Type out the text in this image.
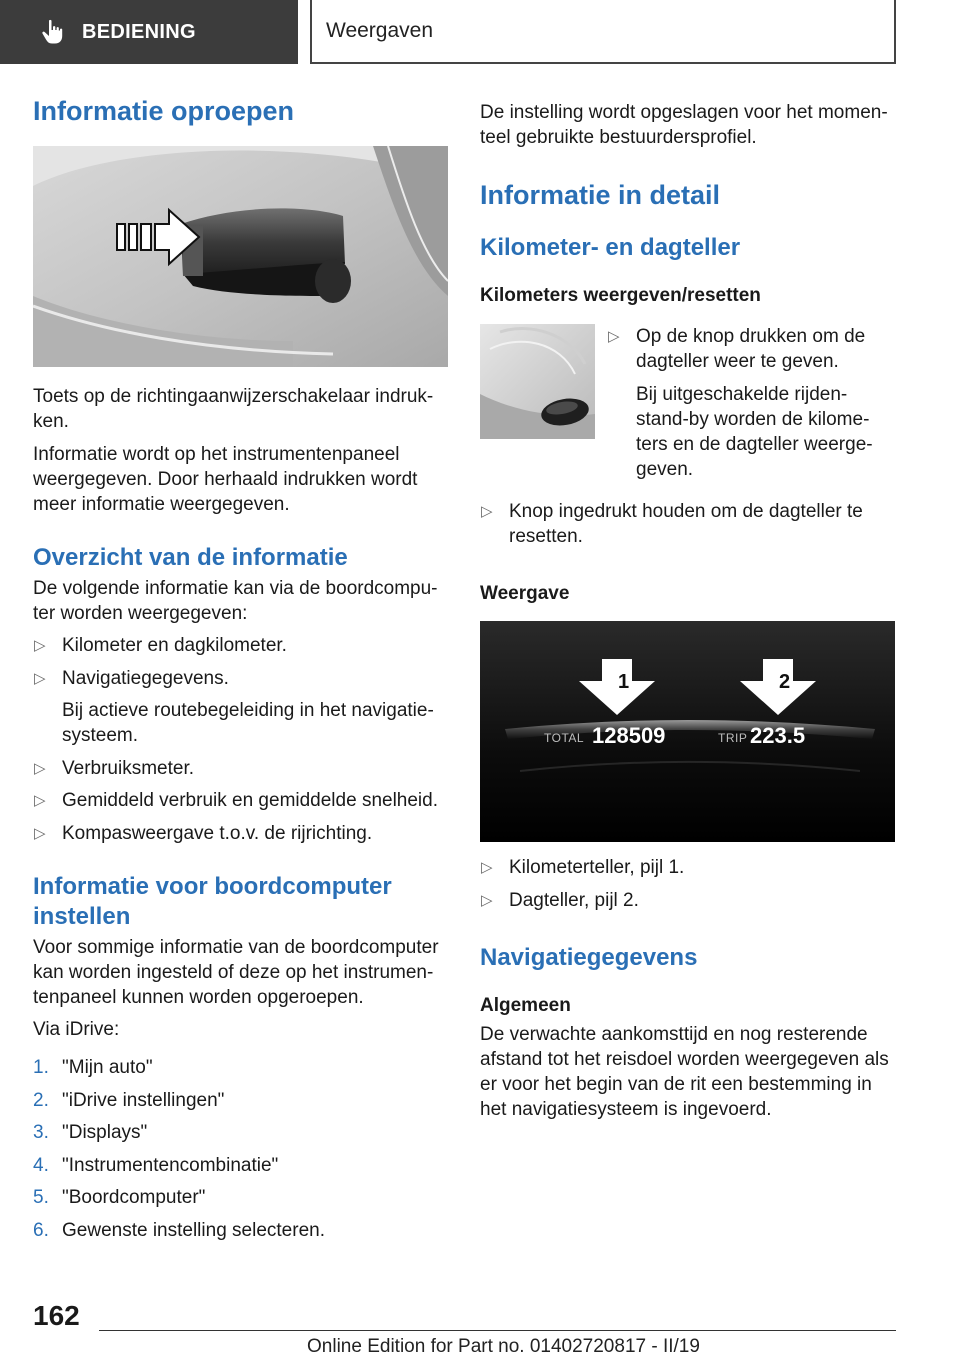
BEDIENING	Weergaven
Informatie oproepen

Toets op de richtingaanwijzerschakelaar indruk-ken.

Informatie wordt op het instrumentenpaneel weergegeven. Door herhaald indrukken wordt meer informatie weergegeven.

Overzicht van de informatie

De volgende informatie kan via de boordcompu-ter worden weergegeven:

▷ Kilometer en dagkilometer.
▷ Navigatiegegevens.
Bij actieve routebegeleiding in het navigatie-systeem.
▷ Verbruiksmeter.
▷ Gemiddeld verbruik en gemiddelde snelheid.
▷ Kompasweergave t.o.v. de rijrichting.
Informatie voor boordcomputer instellen

Voor sommige informatie van de boordcomputer kan worden ingesteld of deze op het instrumen-tenpaneel kunnen worden opgeroepen.

Via iDrive:

1. "Mijn auto"
2. "iDrive instellingen"
3. "Displays"
4. "Instrumentencombinatie"
5. "Boordcomputer"
6. Gewenste instelling selecteren.

De instelling wordt opgeslagen voor het momen-teel gebruikte bestuurdersprofiel.

Informatie in detail
Kilometer- en dagteller
Kilometers weergeven/resetten
▷ Op de knop drukken om de dagteller weer te geven.
Bij uitgeschakelde rijden-stand-by worden de kilome-ters en de dagteller weerge-geven.
▷ Knop ingedrukt houden om de dagteller te resetten.
Weergave
1	2
TOTAL 128509	TRIP 223.5
▷ Kilometerteller, pijl 1.
▷ Dagteller, pijl 2.
Navigatiegegevens
Algemeen

De verwachte aankomsttijd en nog resterende afstand tot het reisdoel worden weergegeven als er voor het begin van de rit een bestemming in het navigatiesysteem is ingevoerd.

162
Online Edition for Part no. 01402720817 - II/19
